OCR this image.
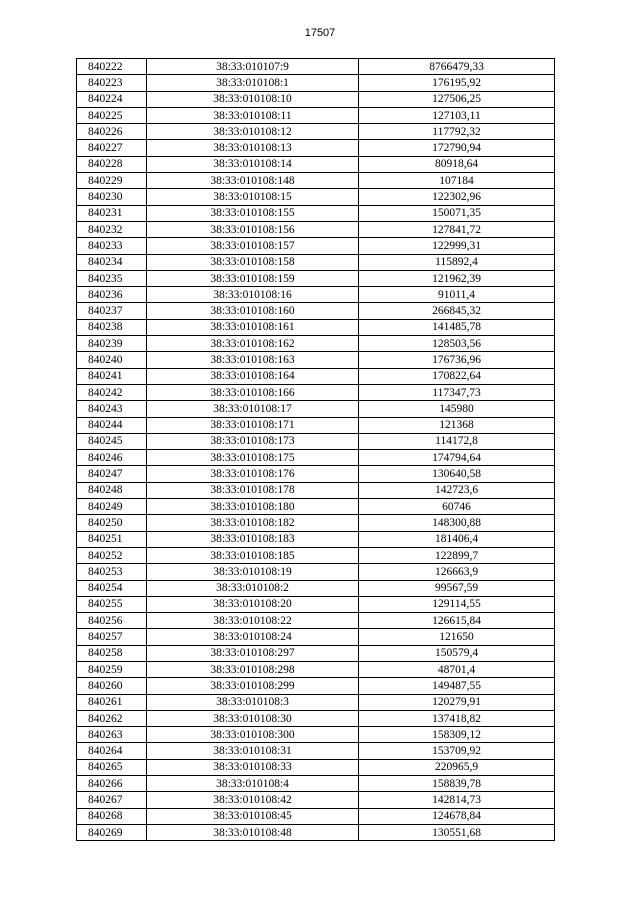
17507
840222	38:33:010107:9	8766479,33
840223	38:33:010108:1	176195,92
840224	38:33:010108:10	127506,25
840225	38:33:010108:11	127103,11
840226	38:33:010108:12	117792,32
840227	38:33:010108:13	172790,94
840228	38:33:010108:14	80918,64
840229	38:33:010108:148	107184
840230	38:33:010108:15	122302,96
840231	38:33:010108:155	150071,35
840232	38:33:010108:156	127841,72
840233	38:33:010108:157	122999,31
840234	38:33:010108:158	115892,4
840235	38:33:010108:159	121962,39
840236	38:33:010108:16	91011,4
840237	38:33:010108:160	266845,32
840238	38:33:010108:161	141485,78
840239	38:33:010108:162	128503,56
840240	38:33:010108:163	176736,96
840241	38:33:010108:164	170822,64
840242	38:33:010108:166	117347,73
840243	38:33:010108:17	145980
840244	38:33:010108:171	121368
840245	38:33:010108:173	114172,8
840246	38:33:010108:175	174794,64
840247	38:33:010108:176	130640,58
840248	38:33:010108:178	142723,6
840249	38:33:010108:180	60746
840250	38:33:010108:182	148300,88
840251	38:33:010108:183	181406,4
840252	38:33:010108:185	122899,7
840253	38:33:010108:19	126663,9
840254	38:33:010108:2	99567,59
840255	38:33:010108:20	129114,55
840256	38:33:010108:22	126615,84
840257	38:33:010108:24	121650
840258	38:33:010108:297	150579,4
840259	38:33:010108:298	48701,4
840260	38:33:010108:299	149487,55
840261	38:33:010108:3	120279,91
840262	38:33:010108:30	137418,82
840263	38:33:010108:300	158309,12
840264	38:33:010108:31	153709,92
840265	38:33:010108:33	220965,9
840266	38:33:010108:4	158839,78
840267	38:33:010108:42	142814,73
840268	38:33:010108:45	124678,84
840269	38:33:010108:48	130551,68
